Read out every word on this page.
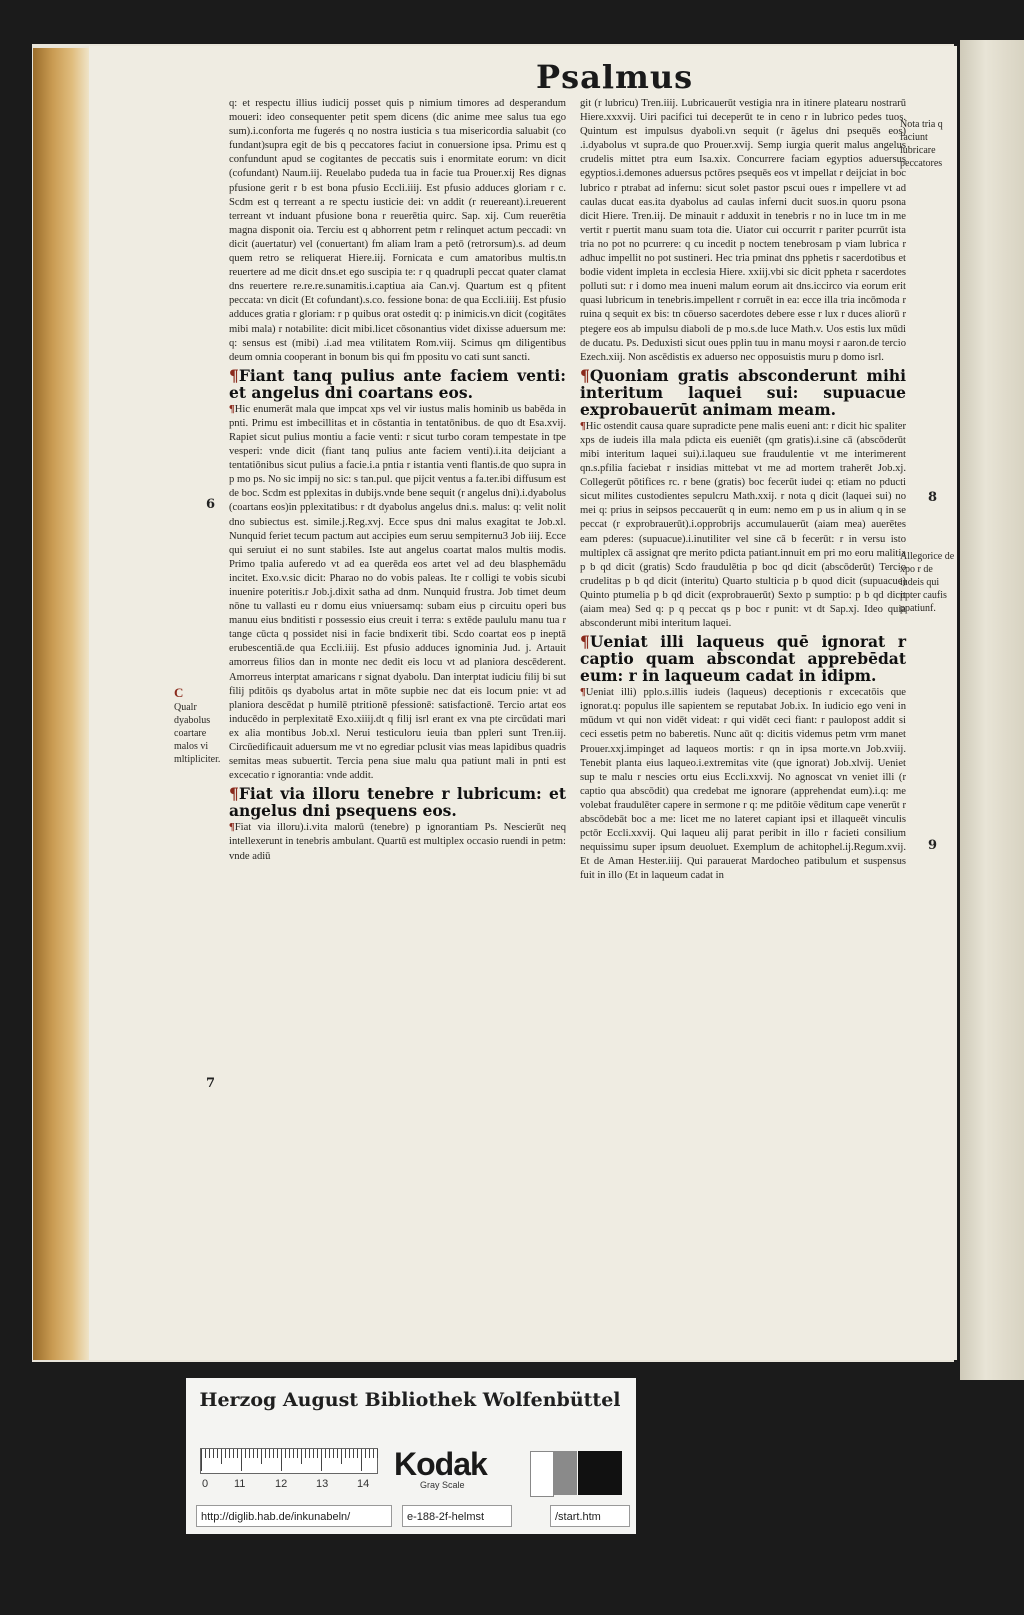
Psalmus

q: et respectu illius iudicij posset quis p nimium timores ad desperandum moueri: ideo consequenter petit spem dicens (dic anime mee salus tua ego sum).i.conforta me fugerés q no nostra iusticia s tua misericordia saluabit (co fundant)supra egit de bis q peccatores faciut in conuersione ipsa. Primu est q confundunt apud se cogitantes de peccatis suis i enormitate eorum: vn dicit (cofundant) Naum.iij. Reuelabo pudeda tua in facie tua Prouer.xij Res dignas pfusione gerit r b est bona pfusio Eccli.iiij. Est pfusio adduces gloriam r c. Scdm est q terreant a re spectu iusticie dei: vn addit (r reuereant).i.reuerent terreant vt induant pfusione bona r reuerētia quirc. Sap. xij. Cum reuerētia magna disponit oia. Terciu est q abhorrent petm r relinquet actum peccadi: vn dicit (auertatur) vel (conuertant) fm aliam lram a petō (retrorsum).s. ad deum quem retro se reliquerat Hiere.iij. Fornicata e cum amatoribus multis.tn reuertere ad me dicit dns.et ego suscipia te: r q quadrupli peccat quater clamat dns reuertere re.re.re.sunamitis.i.captiua aia Can.vj. Quartum est q pfitent peccata: vn dicit (Et cofundant).s.co. fessione bona: de qua Eccli.iiij. Est pfusio adduces gratia r gloriam: r p quibus orat ostedit q: p inimicis.vn dicit (cogitātes mibi mala) r notabilite: dicit mibi.licet cōsonantius videt dixisse aduersum me: q: sensus est (mibi) .i.ad mea vtilitatem Rom.viij. Scimus qm diligentibus deum omnia cooperant in bonum bis qui fm ppositu vo cati sunt sancti.

¶Fiant tanq pulius ante faciem venti: et angelus dni coartans eos.

¶Hic enumerāt mala que impcat xps vel vir iustus malis hominib us babēda in pnti. Primu est imbecillitas et in cōstantia in tentatōnibus. de quo dt Esa.xvij. Rapiet sicut pulius montiu a facie venti: r sicut turbo coram tempestate in tpe vesperi: vnde dicit (fiant tanq pulius ante faciem venti).i.ita deijciant a tentatiōnibus sicut pulius a facie.i.a pntia r istantia venti flantis.de quo supra in p mo ps. No sic impij no sic: s tan.pul. que pijcit ventus a fa.ter.ibi diffusum est de boc. Scdm est pplexitas in dubijs.vnde bene sequit (r angelus dni).i.dyabolus (coartans eos)in pplexitatibus: r dt dyabolus angelus dni.s. malus: q: velit nolit dno subiectus est. simile.j.Reg.xvj. Ecce spus dni malus exagitat te Job.xl. Nunquid feriet tecum pactum aut accipies eum seruu sempiternu3 Job iiij. Ecce qui seruiut ei no sunt stabiles. Iste aut angelus coartat malos multis modis. Primo tpalia auferedo vt ad ea querēda eos artet vel ad deu blasphemādu incitet. Exo.v.sic dicit: Pharao no do vobis paleas. Ite r colligi te vobis sicubi inuenire poteritis.r Job.j.dixit satha ad dnm. Nunquid frustra. Job timet deum nōne tu vallasti eu r domu eius vniuersamq: subam eius p circuitu operi bus manuu eius bnditisti r possessio eius creuit i terra: s extēde paululu manu tua r tange cūcta q possidet nisi in facie bndixerit tibi. Scdo coartat eos p ineptā erubescentiā.de qua Eccli.iiij. Est pfusio adduces ignominia Jud. j. Artauit amorreus filios dan in monte nec dedit eis locu vt ad planiora descēderent. Amorreus interptat amaricans r signat dyabolu. Dan interptat iudiciu filij bi sut filij pditōis qs dyabolus artat in mōte supbie nec dat eis locum pnie: vt ad planiora descēdat p humilē ptritionē pfessionē: satisfactionē. Tercio artat eos inducēdo in perplexitatē Exo.xiiij.dt q filij isrl erant ex vna pte circūdati mari ex alia montibus Job.xl. Nerui testiculoru ieuia tban ppleri sunt Tren.iij. Circūedificauit aduersum me vt no egrediar pclusit vias meas lapidibus quadris semitas meas subuertit. Tercia pena siue malu qua patiunt mali in pnti est excecatio r ignorantia: vnde addit.

¶Fiat via illoru tenebre r lubricum: et angelus dni psequens eos.

¶Fiat via illoru).i.vita malorū (tenebre) p ignorantiam Ps. Nescierūt neq intellexerunt in tenebris ambulant. Quartū est multiplex occasio ruendi in petm: vnde adiū

git (r lubricu) Tren.iiij. Lubricauerūt vestigia nra in itinere platearu nostrarū Hiere.xxxvij. Uiri pacifici tui deceperūt te in ceno r in lubrico pedes tuos. Quintum est impulsus dyaboli.vn sequit (r āgelus dni psequēs eos) .i.dyabolus vt supra.de quo Prouer.xvij. Semp iurgia querit malus angelus crudelis mittet ptra eum Isa.xix. Concurrere faciam egyptios aduersus egyptios.i.demones aduersus pctōres psequēs eos vt impellat r deijciat in boc lubrico r ptrabat ad infernu: sicut solet pastor pscui oues r impellere vt ad caulas ducat eas.ita dyabolus ad caulas inferni ducit suos.in quoru psona dicit Hiere. Tren.iij. De minauit r adduxit in tenebris r no in luce tm in me vertit r puertit manu suam tota die. Uiator cui occurrit r pariter pcurrūt ista tria no pot no pcurrere: q cu incedit p noctem tenebrosam p viam lubrica r adhuc impellit no pot sustineri. Hec tria pminat dns pphetis r sacerdotibus et bodie vident impleta in ecclesia Hiere. xxiij.vbi sic dicit ppheta r sacerdotes polluti sut: r i domo mea inueni malum eorum ait dns.iccirco via eorum erit quasi lubricum in tenebris.impellent r corruēt in ea: ecce illa tria incōmoda r ruina q sequit ex bis: tn cōuerso sacerdotes debere esse r lux r duces aliorū r ptegere eos ab impulsu diaboli de p mo.s.de luce Math.v. Uos estis lux mūdi de ducatu. Ps. Deduxisti sicut oues pplin tuu in manu moysi r aaron.de tercio Ezech.xiij. Non ascēdistis ex aduerso nec opposuistis muru p domo isrl.

¶Quoniam gratis absconderunt mihi interitum laquei sui: supuacue exprobauerūt animam meam.

¶Hic ostendit causa quare supradicte pene malis eueni ant: r dicit hic spaliter xps de iudeis illa mala pdicta eis eueniēt (qm gratis).i.sine cā (abscōderūt mibi interitum laquei sui).i.laqueu sue fraudulentie vt me interimerent qn.s.pfilia faciebat r insidias mittebat vt me ad mortem traherēt Job.xj. Collegerūt pōtifices rc. r bene (gratis) boc fecerūt iudei q: etiam no pducti sicut milites custodientes sepulcru Math.xxij. r nota q dicit (laquei sui) no mei q: prius in seipsos peccauerūt q in eum: nemo em p us in alium q in se peccat (r exprobrauerūt).i.opprobrijs accumulauerūt (aiam mea) auerētes eam pderes: (supuacue).i.inutiliter vel sine cā b fecerūt: r in versu isto multiplex cā assignat qre merito pdicta patiant.innuit em pri mo eoru malitia p b qd dicit (gratis) Scdo fraudulētia p boc qd dicit (abscōderūt) Tercio crudelitas p b qd dicit (interitu) Quarto stulticia p b quod dicit (supuacue) Quinto ptumelia p b qd dicit (exprobrauerūt) Sexto p sumptio: p b qd dicit (aiam mea) Sed q: p q peccat qs p boc r punit: vt dt Sap.xj. Ideo quia absconderunt mibi interitum laquei.

¶Ueniat illi laqueus quē ignorat r captio quam abscondat apprebēdat eum: r in laqueum cadat in idipm.

¶Ueniat illi) pplo.s.illis iudeis (laqueus) deceptionis r excecatōis que ignorat.q: populus ille sapientem se reputabat Job.ix. In iudicio ego veni in mūdum vt qui non vidēt videat: r qui vidēt ceci fiant: r paulopost addit si ceci essetis petm no baberetis. Nunc aūt q: dicitis videmus petm vrm manet Prouer.xxj.impinget ad laqueos mortis: r qn in ipsa morte.vn Job.xviij. Tenebit planta eius laqueo.i.extremitas vite (que ignorat) Job.xlvij. Ueniet sup te malu r nescies ortu eius Eccli.xxvij. No agnoscat vn veniet illi (r captio qua abscōdit) qua credebat me ignorare (apprehendat eum).i.q: me volebat fraudulēter capere in sermone r q: me pditōie vēditum cape venerūt r abscōdebāt boc a me: licet me no lateret capiant ipsi et illaqueēt vinculis pctōr Eccli.xxvij. Qui laqueu alij parat peribit in illo r facieti consilium nequissimu super ipsum deuoluet. Exemplum de achitophel.ij.Regum.xvij. Et de Aman Hester.iiij. Qui parauerat Mardocheo patibulum et suspensus fuit in illo (Et in laqueum cadat in

6
7
8
9
C
Qualr dyabolus coartare malos vi mltipliciter.
Nota tria q faciunt lubricare peccatores
Allegorice de xpo r de iudeis qui ppter caufis ppatiunf.
Herzog August Bibliothek Wolfenbüttel
0 11	12	13	14
Kodak
Gray Scale
http://diglib.hab.de/inkunabeln/	e-188-2f-helmst	/start.htm
